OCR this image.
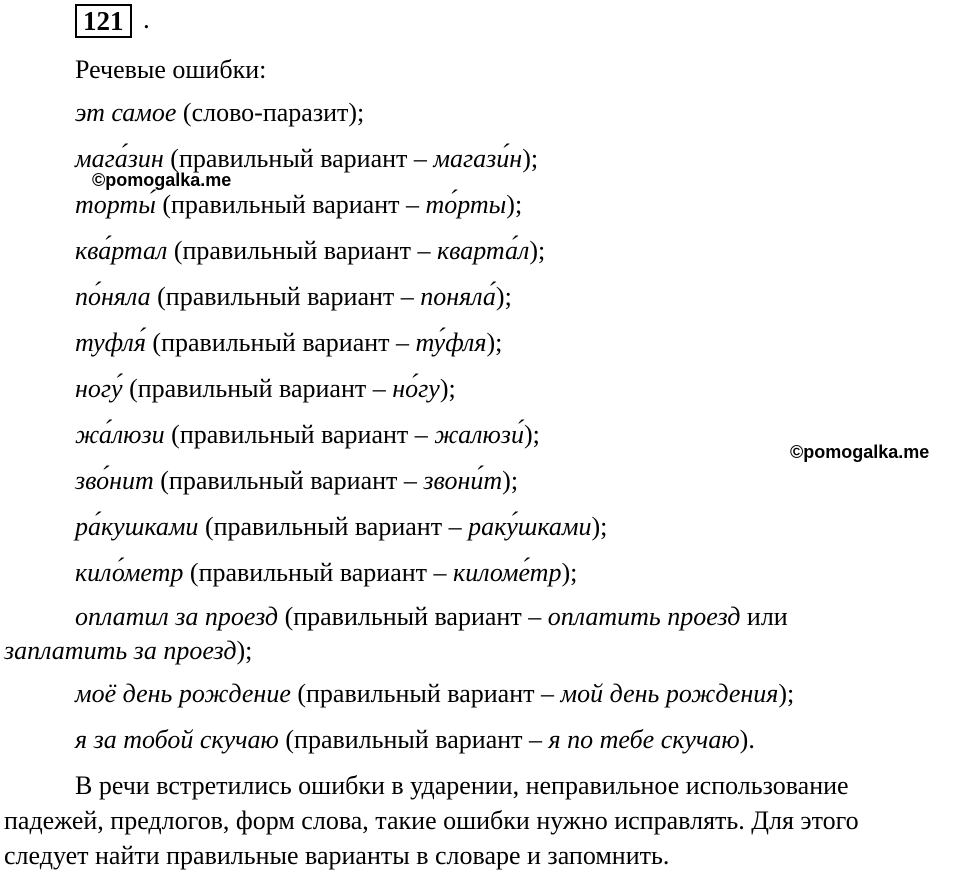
121 .
Речевые ошибки:
эт самое (слово-паразит);
мага́зин (правильный вариант – магази́н);
торты́ (правильный вариант – то́рты);
ква́ртал (правильный вариант – кварта́л);
по́няла (правильный вариант – поняла́);
туфля́ (правильный вариант – ту́фля);
ногу́ (правильный вариант – но́гу);
жа́люзи (правильный вариант – жалюзи́);
зво́нит (правильный вариант – звони́т);
ра́кушками (правильный вариант – раку́шками);
кило́метр (правильный вариант – киломе́тр);
оплатил за проезд (правильный вариант – оплатить проезд или
заплатить за проезд);
моё день рождение (правильный вариант – мой день рождения);
я за тобой скучаю (правильный вариант – я по тебе скучаю).
В речи встретились ошибки в ударении, неправильное использование
падежей, предлогов, форм слова, такие ошибки нужно исправлять. Для этого
следует найти правильные варианты в словаре и запомнить.
©pomogalka.me
©pomogalka.me
